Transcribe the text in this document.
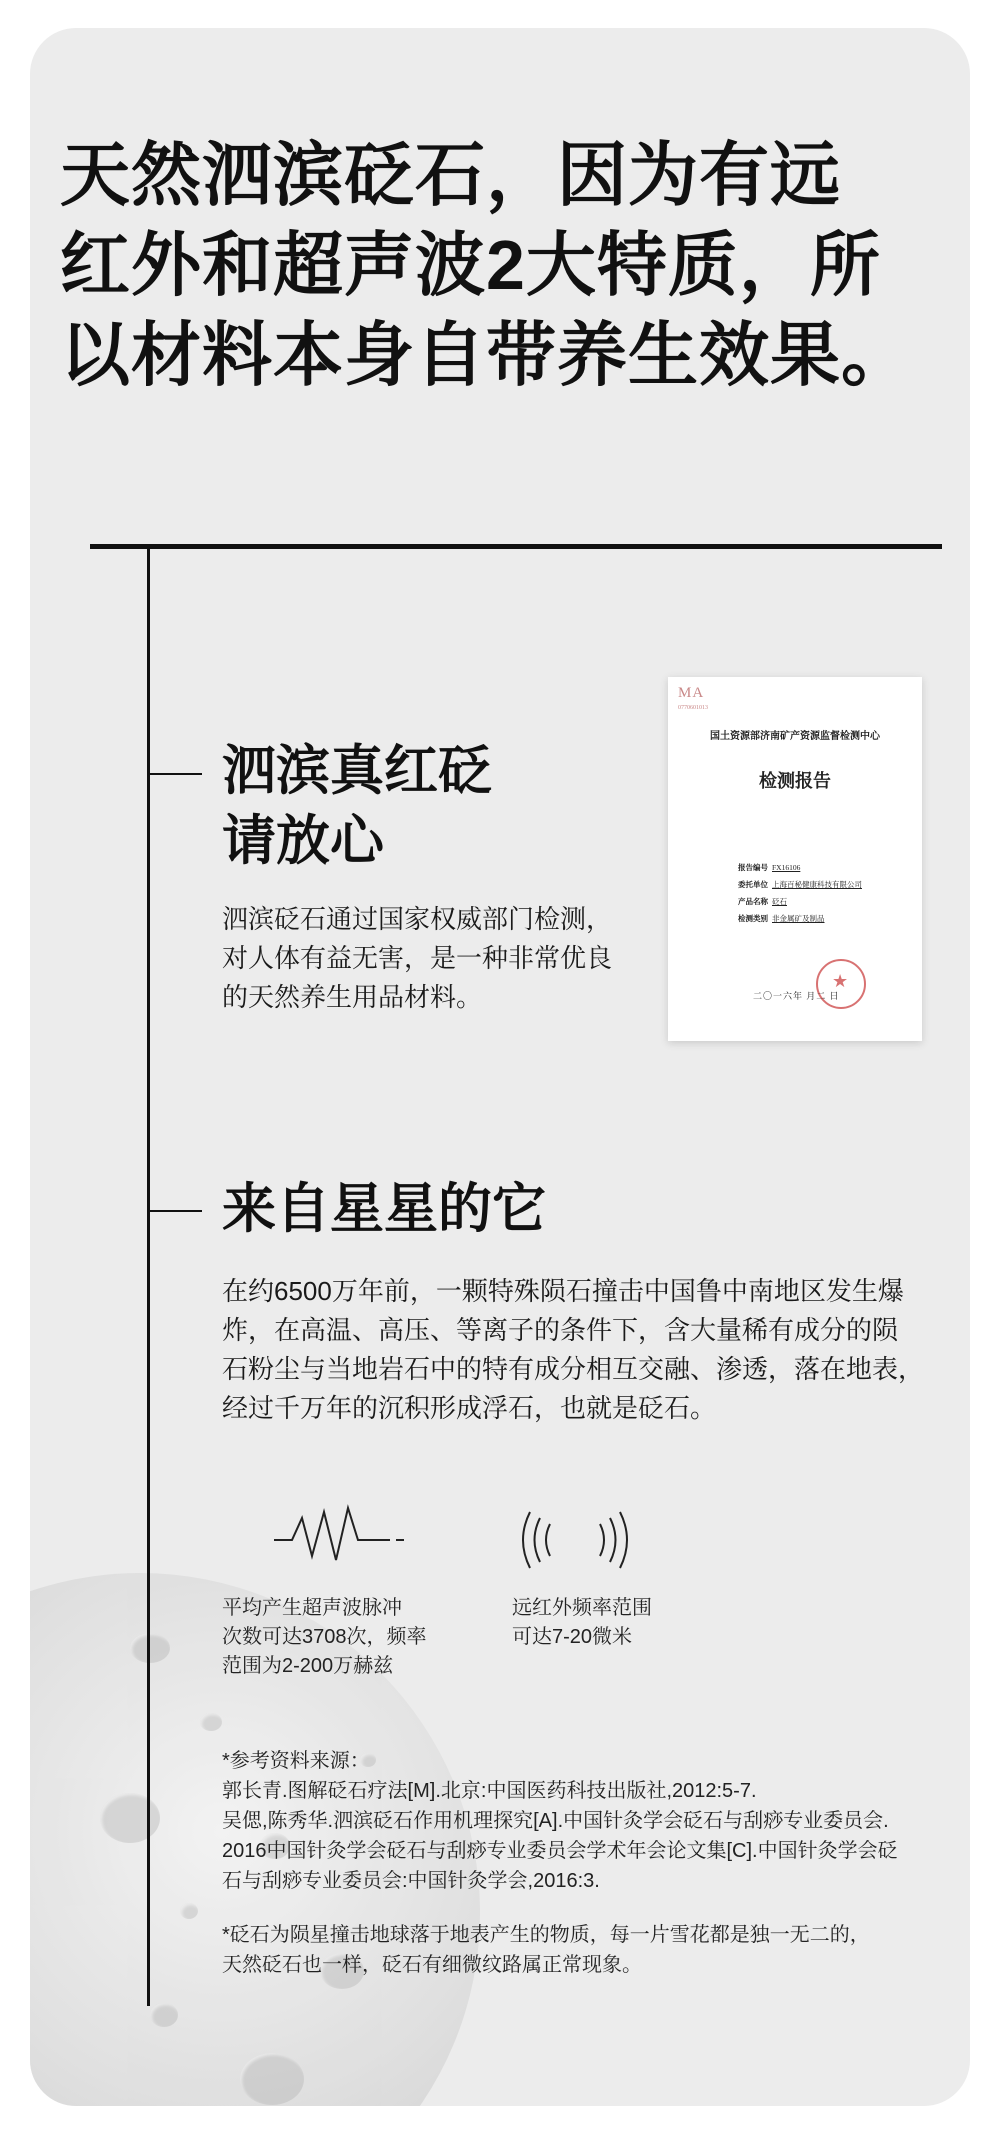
天然泗滨砭石，因为有远
红外和超声波2大特质，所
以材料本身自带养生效果。
泗滨真红砭
请放心

泗滨砭石通过国家权威部门检测，
对人体有益无害，是一种非常优良
的天然养生用品材料。

MA
0770601013
国土资源部济南矿产资源监督检测中心
检测报告
报告编号 FX16106
委托单位 上海百秘健康科技有限公司
产品名称 砭石
检测类别 非金属矿及制品
★
二〇一六年 月二 日
来自星星的它

在约6500万年前，一颗特殊陨石撞击中国鲁中南地区发生爆
炸，在高温、高压、等离子的条件下，含大量稀有成分的陨
石粉尘与当地岩石中的特有成分相互交融、渗透，落在地表，
经过千万年的沉积形成浮石，也就是砭石。

平均产生超声波脉冲
次数可达3708次，频率
范围为2-200万赫兹

远红外频率范围
可达7-20微米

*参考资料来源：
郭长青.图解砭石疗法[M].北京:中国医药科技出版社,2012:5-7.
吴偲,陈秀华.泗滨砭石作用机理探究[A].中国针灸学会砭石与刮痧专业委员会.
2016中国针灸学会砭石与刮痧专业委员会学术年会论文集[C].中国针灸学会砭
石与刮痧专业委员会:中国针灸学会,2016:3.

*砭石为陨星撞击地球落于地表产生的物质，每一片雪花都是独一无二的，
天然砭石也一样，砭石有细微纹路属正常现象。
